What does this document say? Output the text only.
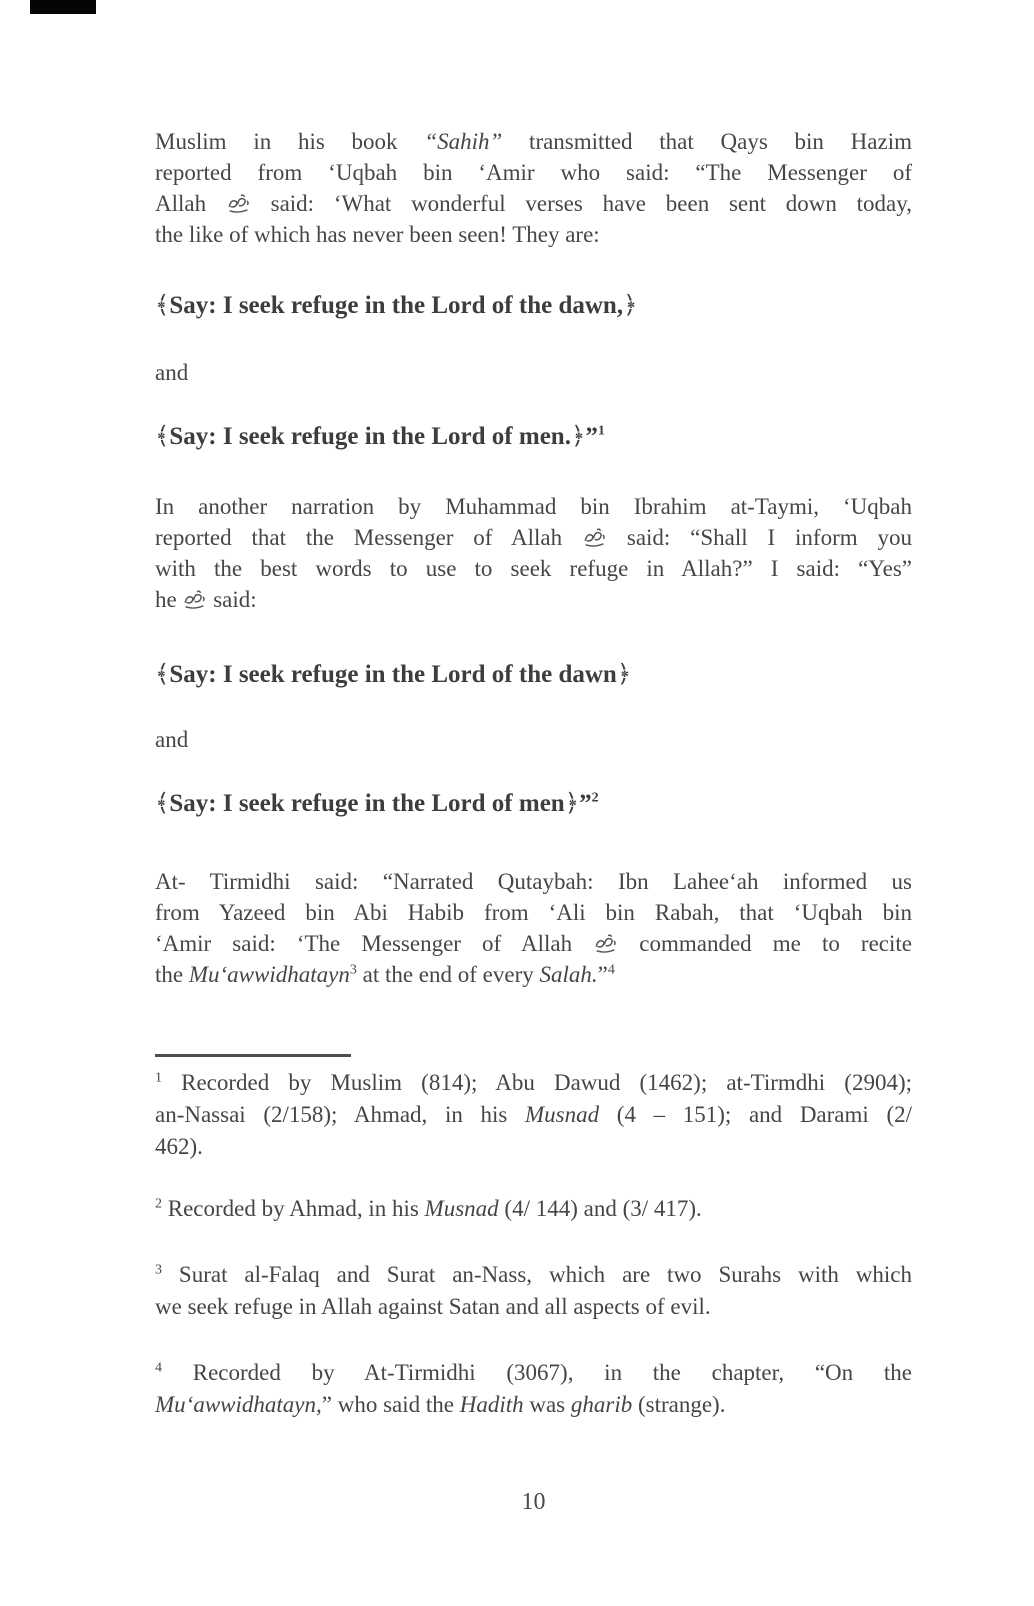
Muslim in his book “Sahih” transmitted that Qays bin Hazim
reported from ‘Uqbah bin ‘Amir who said: “The Messenger of
Allah
said: ‘What wonderful verses have been sent down today,
the like of which has never been seen! They are:
﴾Say: I seek refuge in the Lord of the dawn,﴿
and
﴾Say: I seek refuge in the Lord of men.﴿”$^1$
In another narration by Muhammad bin Ibrahim at-Taymi, ‘Uqbah
reported that the Messenger of Allah
said: “Shall I inform you
with the best words to use to seek refuge in Allah?” I said: “Yes”
he
said:
﴾Say: I seek refuge in the Lord of the dawn﴿
and
﴾Say: I seek refuge in the Lord of men﴿”$^2$
At- Tirmidhi said: “Narrated Qutaybah: Ibn Lahee‘ah informed us
from Yazeed bin Abi Habib from ‘Ali bin Rabah, that ‘Uqbah bin
‘Amir said: ‘The Messenger of Allah
commanded me to recite
the Mu‘awwidhatayn$^3$ at the end of every Salah.”$^4$
$^1$ Recorded by Muslim (814); Abu Dawud (1462); at-Tirmdhi (2904);
an-Nassai (2/158); Ahmad, in his Musnad (4 – 151); and Darami (2/
462).
$^2$ Recorded by Ahmad, in his Musnad (4/ 144) and (3/ 417).
$^3$ Surat al-Falaq and Surat an-Nass, which are two Surahs with which
we seek refuge in Allah against Satan and all aspects of evil.
$^4$ Recorded by At-Tirmidhi (3067), in the chapter, “On the
Mu‘awwidhatayn,” who said the Hadith was gharib (strange).
10
